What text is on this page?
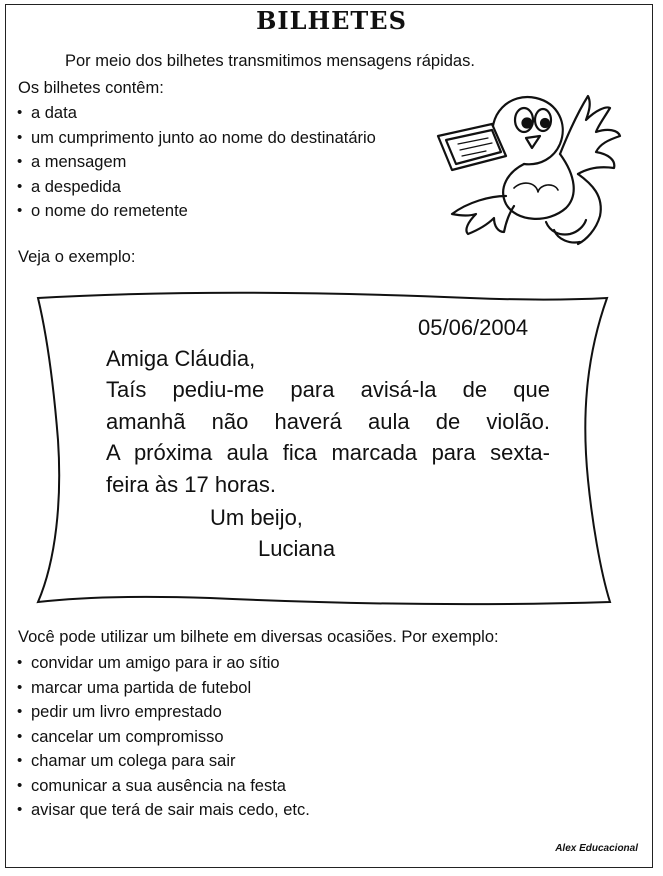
BILHETES
Por meio dos bilhetes transmitimos mensagens rápidas.
Os bilhetes contêm:
• a data
• um cumprimento junto ao nome do destinatário
• a mensagem
• a despedida
• o nome do remetente
Veja o exemplo:
05/06/2004
Amiga Cláudia,
Taís pediu-me para avisá-la de que
amanhã não haverá aula de violão.
A próxima aula fica marcada para sexta-
feira às 17 horas.
Um beijo,
Luciana
Você pode utilizar um bilhete em diversas ocasiões. Por exemplo:
• convidar um amigo para ir ao sítio
• marcar uma partida de futebol
• pedir um livro emprestado
• cancelar um compromisso
• chamar um colega para sair
• comunicar a sua ausência na festa
• avisar que terá de sair mais cedo, etc.
Alex Educacional
